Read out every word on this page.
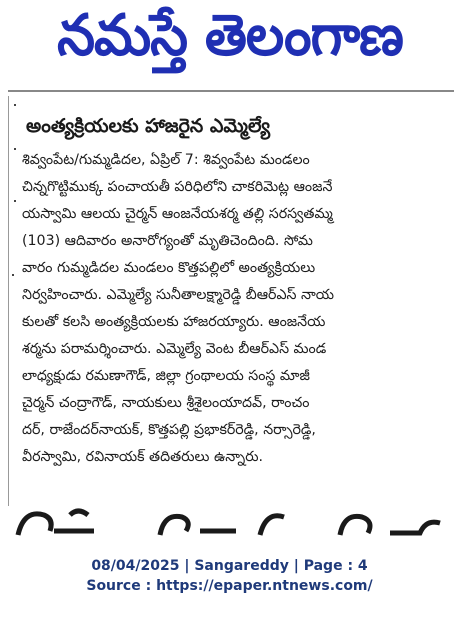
నమస్తే తెలంగాణ
అంత్యక్రియలకు హాజరైన ఎమ్మెల్యే
శివ్వంపేట/గుమ్మడిదల, ఏప్రిల్ 7: శివ్వంపేట మండలం
చిన్నగొట్టిముక్క పంచాయతీ పరిధిలోని చాకరిమెట్ల ఆంజనే
యస్వామి ఆలయ చైర్మన్ ఆంజనేయశర్మ తల్లి సరస్వతమ్మ
(103) ఆదివారం అనారోగ్యంతో మృతిచెందింది. సోమ
వారం గుమ్మడిదల మండలం కొత్తపల్లిలో అంత్యక్రియలు
నిర్వహించారు. ఎమ్మెల్యే సునీతాలక్ష్మారెడ్డి బీఆర్ఎస్ నాయ
కులతో కలసి అంత్యక్రియలకు హాజరయ్యారు. ఆంజనేయ
శర్మను పరామర్శించారు. ఎమ్మెల్యే వెంట బీఆర్ఎస్ మండ
లాధ్యక్షుడు రమణాగౌడ్, జిల్లా గ్రంథాలయ సంస్థ మాజీ
చైర్మన్ చంద్రాగౌడ్, నాయకులు శ్రీశైలంయాదవ్, రాంచం
దర్, రాజేందర్‌నాయక్, కొత్తపల్లి ప్రభాకర్‌రెడ్డి, నర్సారెడ్డి,
వీరస్వామి, రవినాయక్ తదితరులు ఉన్నారు.
08/04/2025 | Sangareddy | Page : 4
Source : https://epaper.ntnews.com/
